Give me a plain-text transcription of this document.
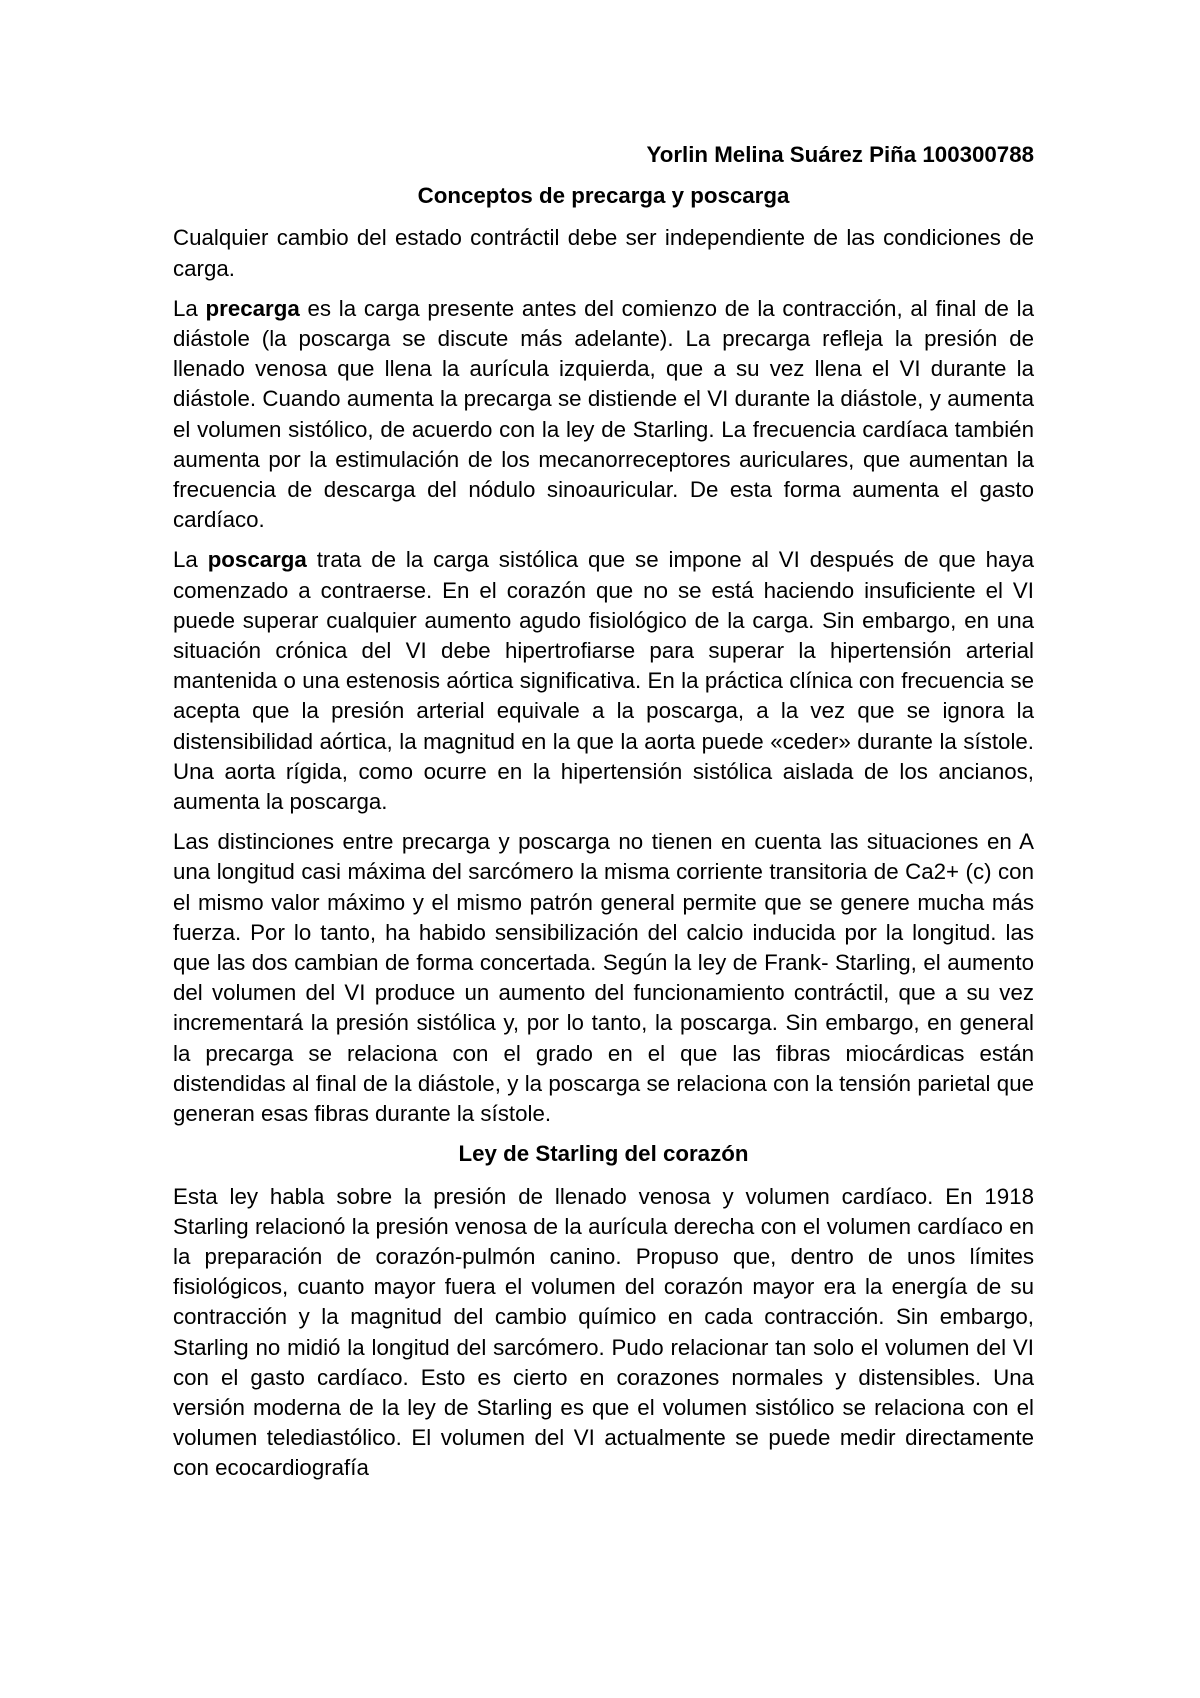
Yorlin Melina Suárez Piña 100300788

Conceptos de precarga y poscarga

Cualquier cambio del estado contráctil debe ser independiente de las condiciones de carga.

La precarga es la carga presente antes del comienzo de la contracción, al final de la diástole (la poscarga se discute más adelante). La precarga refleja la presión de llenado venosa que llena la aurícula izquierda, que a su vez llena el VI durante la diástole. Cuando aumenta la precarga se distiende el VI durante la diástole, y aumenta el volumen sistólico, de acuerdo con la ley de Starling. La frecuencia cardíaca también aumenta por la estimulación de los mecanorreceptores auriculares, que aumentan la frecuencia de descarga del nódulo sinoauricular. De esta forma aumenta el gasto cardíaco.

La poscarga trata de la carga sistólica que se impone al VI después de que haya comenzado a contraerse. En el corazón que no se está haciendo insuficiente el VI puede superar cualquier aumento agudo fisiológico de la carga. Sin embargo, en una situación crónica del VI debe hipertrofiarse para superar la hipertensión arterial mantenida o una estenosis aórtica significativa. En la práctica clínica con frecuencia se acepta que la presión arterial equivale a la poscarga, a la vez que se ignora la distensibilidad aórtica, la magnitud en la que la aorta puede «ceder» durante la sístole. Una aorta rígida, como ocurre en la hipertensión sistólica aislada de los ancianos, aumenta la poscarga.

Las distinciones entre precarga y poscarga no tienen en cuenta las situaciones en A una longitud casi máxima del sarcómero la misma corriente transitoria de Ca2+ (c) con el mismo valor máximo y el mismo patrón general permite que se genere mucha más fuerza. Por lo tanto, ha habido sensibilización del calcio inducida por la longitud. las que las dos cambian de forma concertada. Según la ley de Frank- Starling, el aumento del volumen del VI produce un aumento del funcionamiento contráctil, que a su vez incrementará la presión sistólica y, por lo tanto, la poscarga. Sin embargo, en general la precarga se relaciona con el grado en el que las fibras miocárdicas están distendidas al final de la diástole, y la poscarga se relaciona con la tensión parietal que generan esas fibras durante la sístole.

Ley de Starling del corazón

Esta ley habla sobre la presión de llenado venosa y volumen cardíaco. En 1918 Starling relacionó la presión venosa de la aurícula derecha con el volumen cardíaco en la preparación de corazón-pulmón canino. Propuso que, dentro de unos límites fisiológicos, cuanto mayor fuera el volumen del corazón mayor era la energía de su contracción y la magnitud del cambio químico en cada contracción. Sin embargo, Starling no midió la longitud del sarcómero. Pudo relacionar tan solo el volumen del VI con el gasto cardíaco. Esto es cierto en corazones normales y distensibles. Una versión moderna de la ley de Starling es que el volumen sistólico se relaciona con el volumen telediastólico. El volumen del VI actualmente se puede medir directamente con ecocardiografía
